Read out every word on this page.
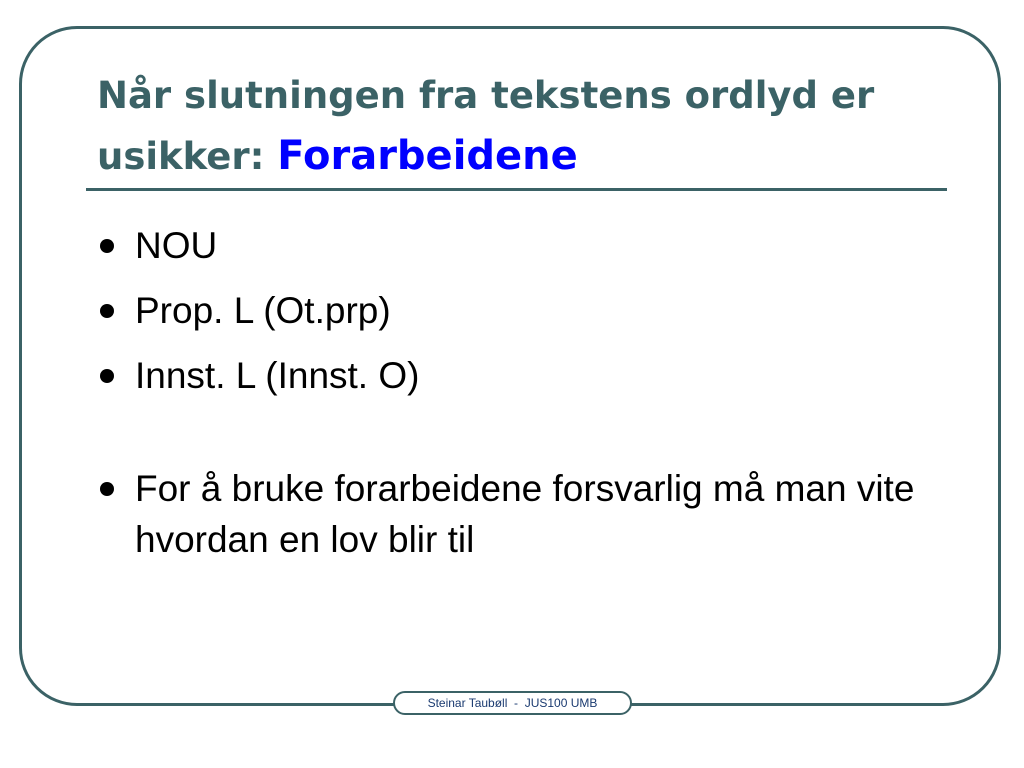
Når slutningen fra tekstens ordlyd er usikker: Forarbeidene
NOU
Prop. L (Ot.prp)
Innst. L (Innst. O)
For å bruke forarbeidene forsvarlig må man vite hvordan en lov blir til
Steinar Taubøll  -  JUS100 UMB
